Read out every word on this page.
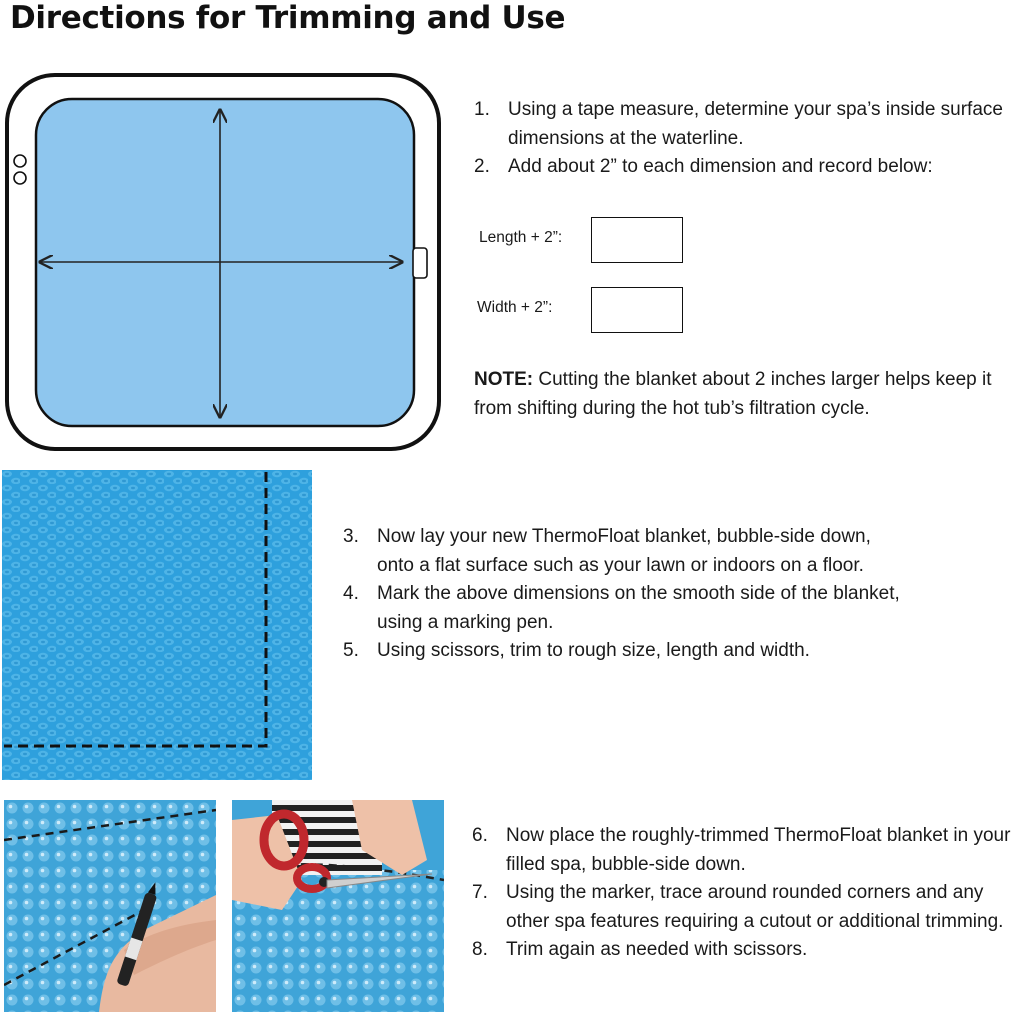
Directions for Trimming and Use
1. Using a tape measure, determine your spa’s inside surface dimensions at the waterline.
2. Add about 2” to each dimension and record below:
Length + 2”:
Width + 2”:
NOTE: Cutting the blanket about 2 inches larger helps keep it from shifting during the hot tub’s filtration cycle.
3. Now lay your new ThermoFloat blanket, bubble-side down, onto a flat surface such as your lawn or indoors on a floor.
4. Mark the above dimensions on the smooth side of the blanket, using a marking pen.
5. Using scissors, trim to rough size, length and width.
6. Now place the roughly-trimmed ThermoFloat blanket in your filled spa, bubble-side down.
7. Using the marker, trace around rounded corners and any other spa features requiring a cutout or additional trimming.
8. Trim again as needed with scissors.
